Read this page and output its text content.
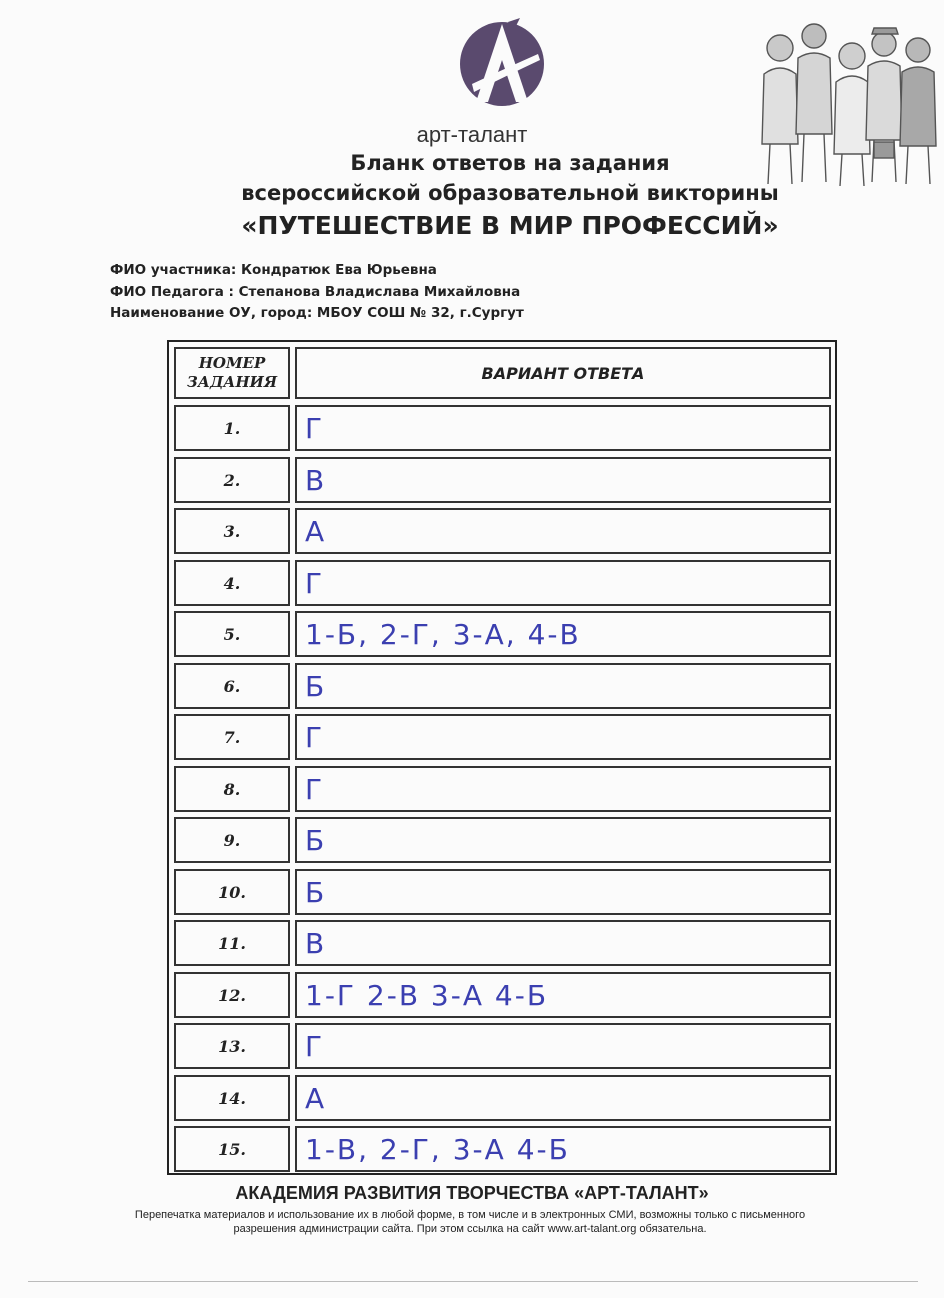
арт-талант
Бланк ответов на задания
всероссийской образовательной викторины
«ПУТЕШЕСТВИЕ В МИР ПРОФЕССИЙ»
ФИО участника: Кондратюк Ева Юрьевна
ФИО Педагога : Степанова Владислава Михайловна
Наименование ОУ, город: МБОУ СОШ № 32, г.Сургут
НОМЕР ЗАДАНИЯ	ВАРИАНТ ОТВЕТА
1.	Г
2.	В
3.	А
4.	Г
5.	1-Б, 2-Г, 3-А, 4-В
6.	Б
7.	Г
8.	Г
9.	Б
10.	Б
11.	В
12.	1-Г 2-В 3-А 4-Б
13.	Г
14.	А
15.	1-В, 2-Г, 3-А 4-Б
АКАДЕМИЯ РАЗВИТИЯ ТВОРЧЕСТВА «АРТ-ТАЛАНТ»
Перепечатка материалов и использование их в любой форме, в том числе и в электронных СМИ, возможны только с письменного разрешения администрации сайта. При этом ссылка на сайт www.art-talant.org обязательна.
